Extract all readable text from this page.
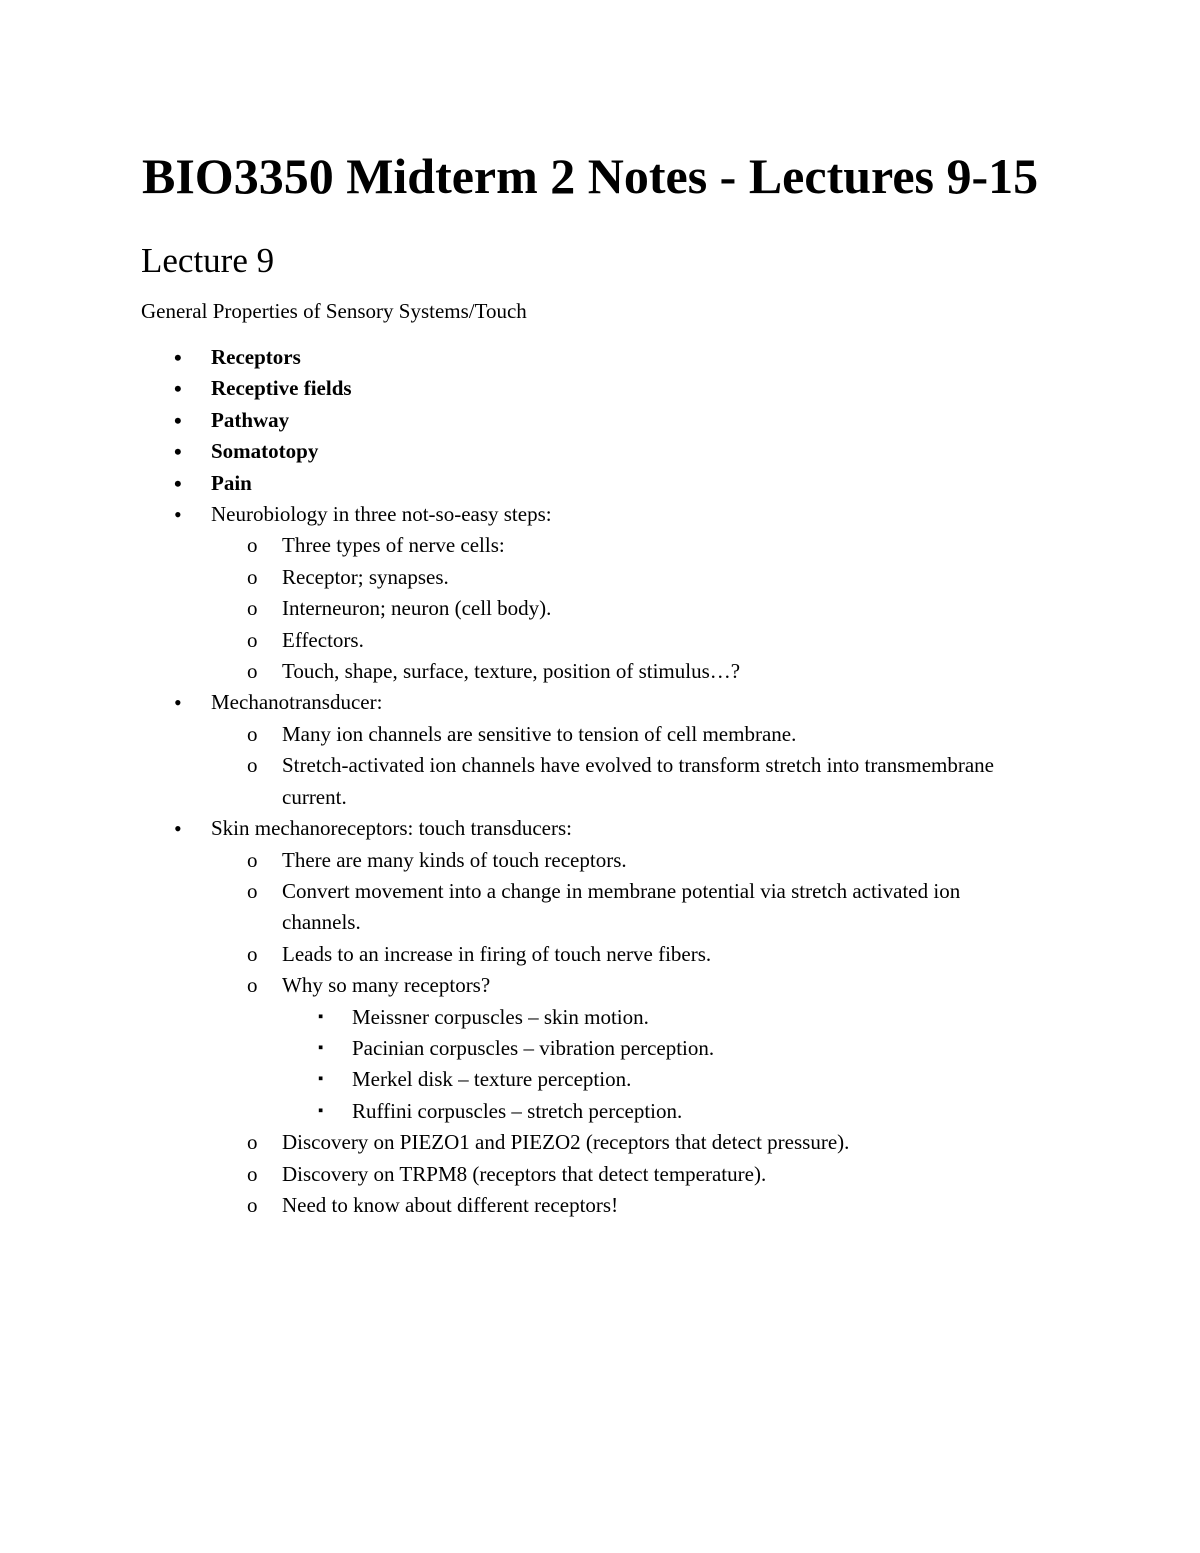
BIO3350 Midterm 2 Notes - Lectures 9-15
Lecture 9

General Properties of Sensory Systems/Touch

• Receptors
• Receptive fields
• Pathway
• Somatotopy
• Pain
• Neurobiology in three not-so-easy steps:
o Three types of nerve cells:
o Receptor; synapses.
o Interneuron; neuron (cell body).
o Effectors.
o Touch, shape, surface, texture, position of stimulus…?
• Mechanotransducer:
o Many ion channels are sensitive to tension of cell membrane.
o Stretch-activated ion channels have evolved to transform stretch into transmembrane current.
• Skin mechanoreceptors: touch transducers:
o There are many kinds of touch receptors.
o Convert movement into a change in membrane potential via stretch activated ion channels.
o Leads to an increase in firing of touch nerve fibers.
o Why so many receptors?
▪ Meissner corpuscles – skin motion.
▪ Pacinian corpuscles – vibration perception.
▪ Merkel disk – texture perception.
▪ Ruffini corpuscles – stretch perception.
o Discovery on PIEZO1 and PIEZO2 (receptors that detect pressure).
o Discovery on TRPM8 (receptors that detect temperature).
o Need to know about different receptors!
